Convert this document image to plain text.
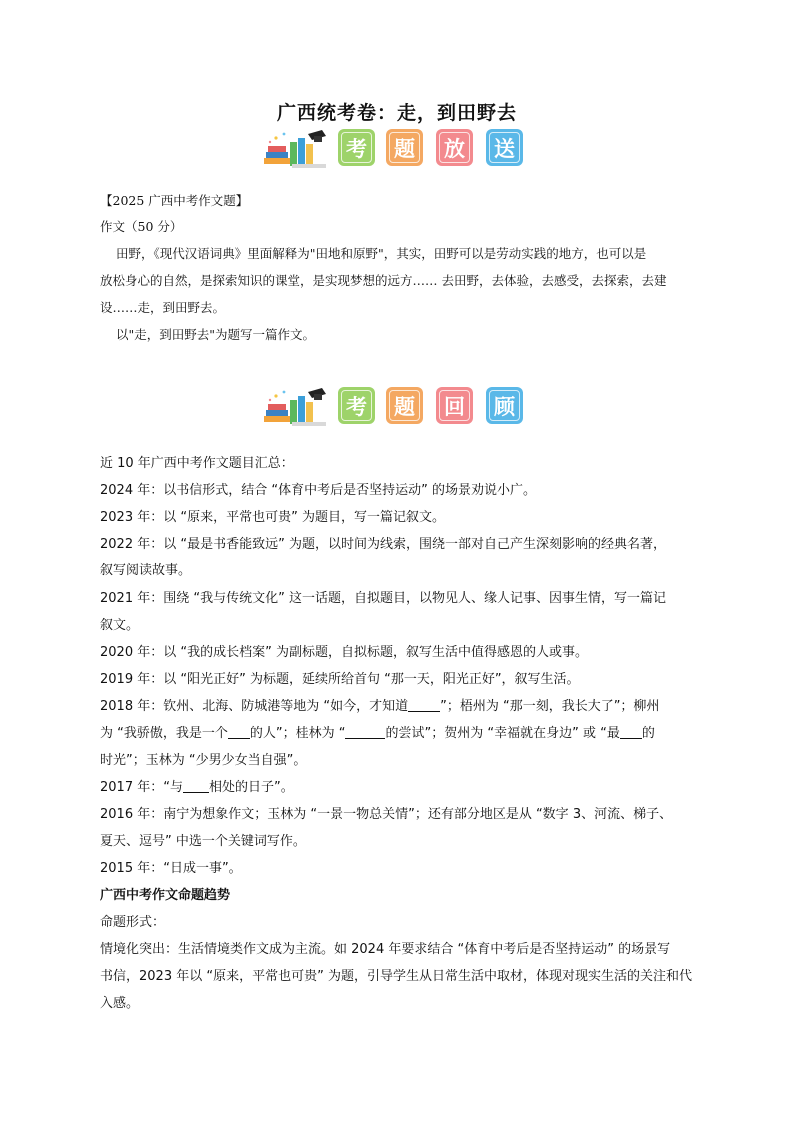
广西统考卷：走，到田野去
考	题	放	送
【2025 广西中考作文题】
作文（50 分）
田野，《现代汉语词典》里面解释为"田地和原野"，其实，田野可以是劳动实践的地方，也可以是
放松身心的自然，是探索知识的课堂，是实现梦想的远方…… 去田野，去体验，去感受，去探索，去建
设……走，到田野去。
以"走，到田野去"为题写一篇作文。
考	题	回	顾
近 10 年广西中考作文题目汇总：
2024 年：以书信形式，结合 “体育中考后是否坚持运动” 的场景劝说小广。
2023 年：以 “原来，平常也可贵” 为题目，写一篇记叙文。
2022 年：以 “最是书香能致远” 为题，以时间为线索，围绕一部对自己产生深刻影响的经典名著，
叙写阅读故事。
2021 年：围绕 “我与传统文化” 这一话题，自拟题目，以物见人、缘人记事、因事生情，写一篇记
叙文。
2020 年：以 “我的成长档案” 为副标题，自拟标题，叙写生活中值得感恩的人或事。
2019 年：以 “阳光正好” 为标题，延续所给首句 “那一天，阳光正好”，叙写生活。
2018 年：钦州、北海、防城港等地为 “如今，才知道 ”；梧州为 “那一刻，我长大了”；柳州
为 “我骄傲，我是一个 的人”；桂林为 “	的尝试”；贺州为 “幸福就在身边” 或 “最 的
时光”；玉林为 “少男少女当自强”。
2017 年：“与 相处的日子”。
2016 年：南宁为想象作文；玉林为 “一景一物总关情”；还有部分地区是从 “数字 3、河流、梯子、
夏天、逗号” 中选一个关键词写作。
2015 年：“日成一事”。
广西中考作文命题趋势
命题形式：
情境化突出：生活情境类作文成为主流。如 2024 年要求结合 “体育中考后是否坚持运动” 的场景写
书信，2023 年以 “原来，平常也可贵” 为题，引导学生从日常生活中取材，体现对现实生活的关注和代
入感。
